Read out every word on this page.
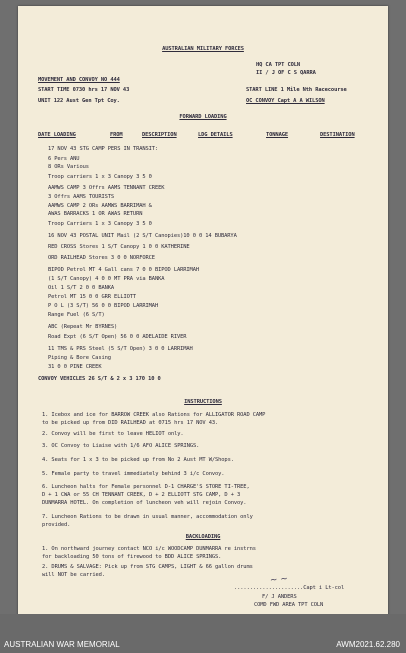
AUSTRALIAN MILITARY FORCES
HQ CA TPT COLN
II / J OF C S QARRA
MOVEMENT AND CONVOY NO 444
START TIME 0730 hrs 17 NOV 43	START LINE 1 Mile Nth Racecourse
UNIT 122 Aust Gen Tpt Coy.	OC CONVOY Capt A A WILSON
FORWARD LOADING
DATE LOADING	FROM	DESCRIPTION	LDG DETAILS	TONNAGE	DESTINATION
17 NOV 43 STG CAMP PERS IN TRANSIT:
6 Pers ANU
8 ORs Various
Troop carriers 1 x 3 Canopy 3 5 0
AAMWS CAMP 3 Offrs AAMS TENNANT CREEK
3 Offrs AAMS TOURISTS
AAMWS CAMP 2 ORs AAMWS BARRIMAH &
AWAS BARRACKS 1 OR AWAS RETURN
Troop Carriers 1 x 3 Canopy 3 5 0
16 NOV 43 POSTAL UNIT Mail (2 S/T Canopies)10 0 0 14 BUBARYA
RED CROSS Stores 1 S/T Canopy 1 0 0 KATHERINE
ORD RAILHEAD Stores 3 0 0 NORFORCE
BIPOD Petrol MT 4 Gall cans 7 0 0 BIPOD LARRIMAH
(1 S/T Canopy) 4 0 0 MT PRA via BANKA
Oil 1 S/T 2 0 0 BANKA
Petrol MT 15 0 0 GRR ELLIOTT
P O L (3 S/T) 56 0 0 BIPOD LARRIMAH
Range Fuel (6 S/T)
ABC (Repeat Mr BYRNES)
Road Expt (6 S/T Open) 56 0 0 ADELAIDE RIVER
11 TMS & PRS Steel (5 S/T Open) 3 0 0 LARRIMAH
Piping & Bore Casing
31 0 0 PINE CREEK
CONVOY VEHICLES 26 S/T & 2 x 3 170 10 0
INSTRUCTIONS
1. Icebox and ice for BARROW CREEK also Rations for ALLIGATOR ROAD CAMP
to be picked up from DID RAILHEAD at 0715 hrs 17 NOV 43.
2. Convoy will be first to leave HELIOT only.
3. OC Convoy to Liaise with 1/6 AFO ALICE SPRINGS.
4. Seats for 1 x 3 to be picked up from No 2 Aust MT W/Shops.
5. Female party to travel immediately behind 3 i/c Convoy.
6. Luncheon halts for Female personnel D-1 CHARGE'S STORE TI-TREE,
D + 1 CWA or 55 CH TENNANT CREEK, D + 2 ELLIOTT STG CAMP, D + 3
DUNMARRA HOTEL. On completion of luncheon veh will rejoin Convoy.
7. Luncheon Rations to be drawn in usual manner, accommodation only
provided.
BACKLOADING
1. On northward journey contact NCO i/c WOODCAMP DUNMARRA re instrns
for backloading 50 tons of firewood to BDD ALICE SPRINGS.
2. DRUMS & SALVAGE: Pick up from STG CAMPS, LIGHT & 66 gallon drums
will NOT be carried.	~ ~
......................Capt i Lt-col
F/ J ANDERS
COMD FWD AREA TPT COLN
AUSTRALIAN WAR MEMORIAL	AWM2021.62.280
